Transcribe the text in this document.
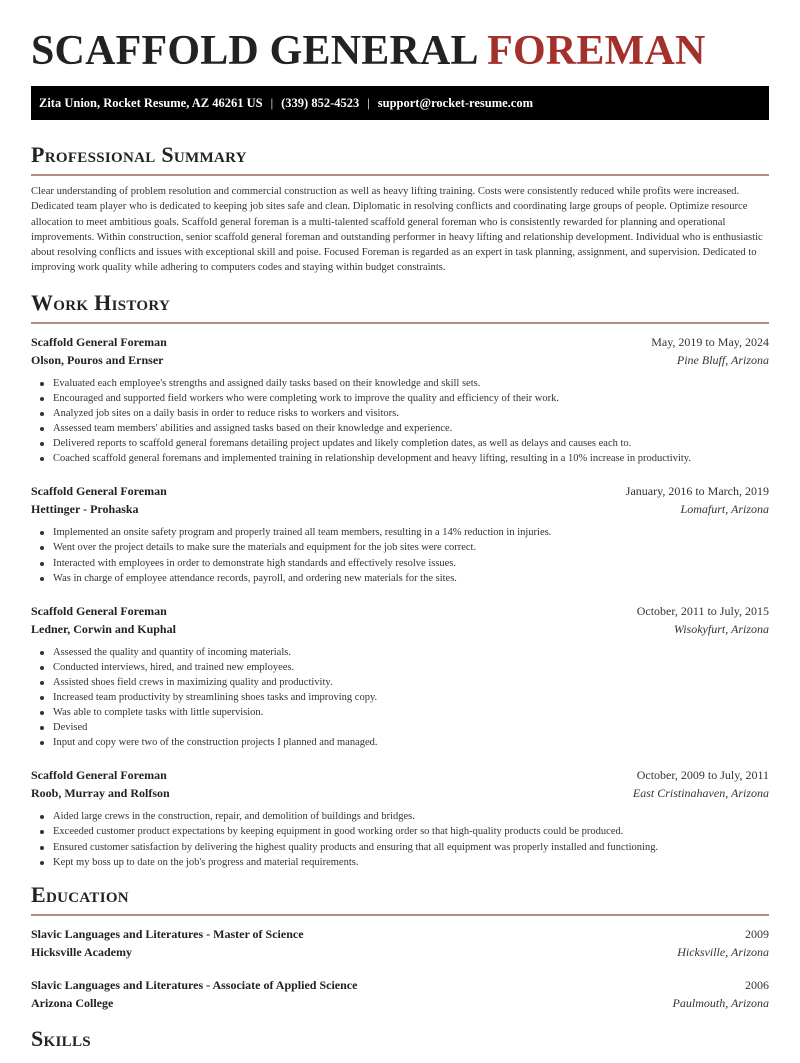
SCAFFOLD GENERAL FOREMAN
Zita Union, Rocket Resume, AZ 46261 US | (339) 852-4523 | support@rocket-resume.com
Professional Summary

Clear understanding of problem resolution and commercial construction as well as heavy lifting training. Costs were consistently reduced while profits were increased. Dedicated team player who is dedicated to keeping job sites safe and clean. Diplomatic in resolving conflicts and coordinating large groups of people. Optimize resource allocation to meet ambitious goals. Scaffold general foreman is a multi-talented scaffold general foreman who is consistently rewarded for planning and operational improvements. Within construction, senior scaffold general foreman and outstanding performer in heavy lifting and relationship development. Individual who is enthusiastic about resolving conflicts and issues with exceptional skill and poise. Focused Foreman is regarded as an expert in task planning, assignment, and supervision. Dedicated to improving work quality while adhering to computers codes and staying within budget constraints.

Work History
Scaffold General Foreman	May, 2019 to May, 2024
Olson, Pouros and Ernser	Pine Bluff, Arizona
Evaluated each employee's strengths and assigned daily tasks based on their knowledge and skill sets.
Encouraged and supported field workers who were completing work to improve the quality and efficiency of their work.
Analyzed job sites on a daily basis in order to reduce risks to workers and visitors.
Assessed team members' abilities and assigned tasks based on their knowledge and experience.
Delivered reports to scaffold general foremans detailing project updates and likely completion dates, as well as delays and causes each to.
Coached scaffold general foremans and implemented training in relationship development and heavy lifting, resulting in a 10% increase in productivity.
Scaffold General Foreman	January, 2016 to March, 2019
Hettinger - Prohaska	Lomafurt, Arizona
Implemented an onsite safety program and properly trained all team members, resulting in a 14% reduction in injuries.
Went over the project details to make sure the materials and equipment for the job sites were correct.
Interacted with employees in order to demonstrate high standards and effectively resolve issues.
Was in charge of employee attendance records, payroll, and ordering new materials for the sites.
Scaffold General Foreman	October, 2011 to July, 2015
Ledner, Corwin and Kuphal	Wisokyfurt, Arizona
Assessed the quality and quantity of incoming materials.
Conducted interviews, hired, and trained new employees.
Assisted shoes field crews in maximizing quality and productivity.
Increased team productivity by streamlining shoes tasks and improving copy.
Was able to complete tasks with little supervision.
Devised
Input and copy were two of the construction projects I planned and managed.
Scaffold General Foreman	October, 2009 to July, 2011
Roob, Murray and Rolfson	East Cristinahaven, Arizona
Aided large crews in the construction, repair, and demolition of buildings and bridges.
Exceeded customer product expectations by keeping equipment in good working order so that high-quality products could be produced.
Ensured customer satisfaction by delivering the highest quality products and ensuring that all equipment was properly installed and functioning.
Kept my boss up to date on the job's progress and material requirements.
Education
Slavic Languages and Literatures - Master of Science	2009
Hicksville Academy	Hicksville, Arizona
Slavic Languages and Literatures - Associate of Applied Science	2006
Arizona College	Paulmouth, Arizona
Skills
